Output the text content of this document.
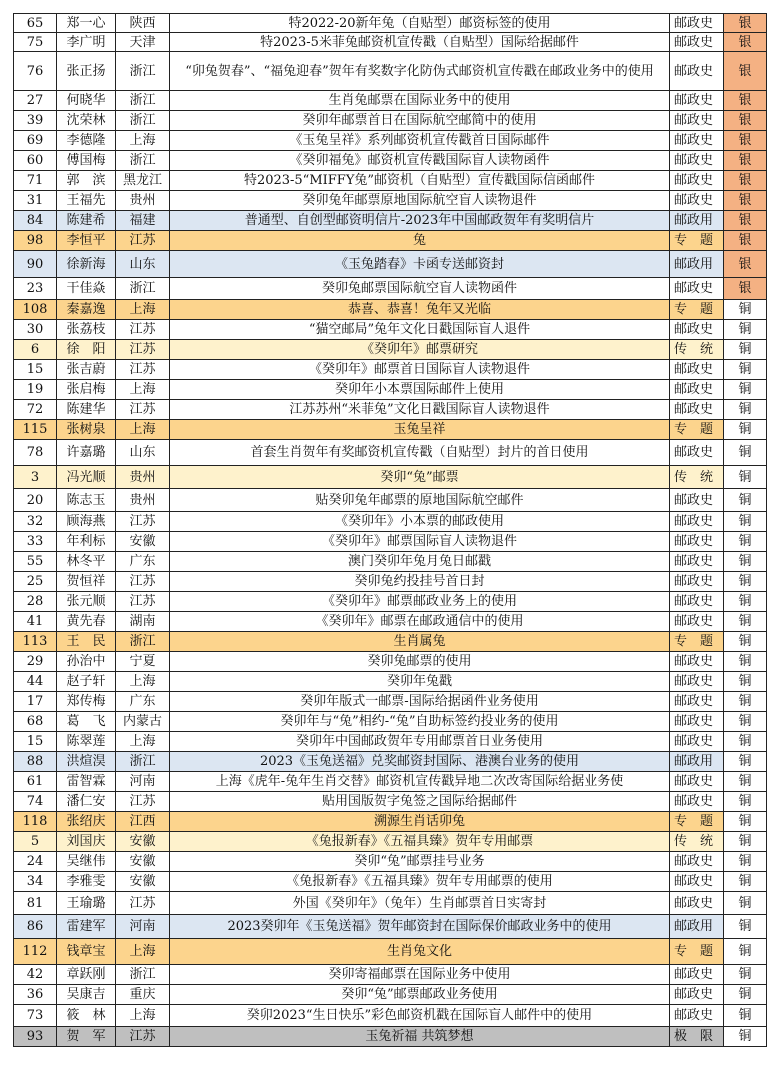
65	郑一心	陕西	特2022-20新年兔（自贴型）邮资标签的使用	邮政史	银
75	李广明	天津	特2023-5米菲兔邮资机宣传戳（自贴型）国际给据邮件	邮政史	银
76	张正扬	浙江	“卯兔贺春”、“福兔迎春”贺年有奖数字化防伪式邮资机宣传戳在邮政业务中的使用	邮政史	银
27	何晓华	浙江	生肖兔邮票在国际业务中的使用	邮政史	银
39	沈荣林	浙江	癸卯年邮票首日在国际航空邮简中的使用	邮政史	银
69	李德隆	上海	《玉兔呈祥》系列邮资机宣传戳首日国际邮件	邮政史	银
60	傅国梅	浙江	《癸卯福兔》邮资机宣传戳国际盲人读物函件	邮政史	银
71	郭　滨	黑龙江	特2023-5“MIFFY兔”邮资机（自贴型）宣传戳国际信函邮件	邮政史	银
31	王福先	贵州	癸卯兔年邮票原地国际航空盲人读物退件	邮政史	银
84	陈建希	福建	普通型、自创型邮资明信片-2023年中国邮政贺年有奖明信片	邮政用	银
98	李恒平	江苏	兔	专　题	银
90	徐新海	山东	《玉兔踏春》卡函专送邮资封	邮政用	银
23	干佳焱	浙江	癸卯兔邮票国际航空盲人读物函件	邮政史	银
108	秦嘉逸	上海	恭喜、恭喜！兔年又光临	专　题	铜
30	张荔枝	江苏	“猫空邮局”兔年文化日戳国际盲人退件	邮政史	铜
6	徐　阳	江苏	《癸卯年》邮票研究	传　统	铜
15	张吉蔚	江苏	《癸卯年》邮票首日国际盲人读物退件	邮政史	铜
19	张启梅	上海	癸卯年小本票国际邮件上使用	邮政史	铜
72	陈建华	江苏	江苏苏州“米菲兔”文化日戳国际盲人读物退件	邮政史	铜
115	张树泉	上海	玉兔呈祥	专　题	铜
78	许嘉璐	山东	首套生肖贺年有奖邮资机宣传戳（自贴型）封片的首日使用	邮政史	铜
3	冯光顺	贵州	癸卯“兔”邮票	传　统	铜
20	陈志玉	贵州	贴癸卯兔年邮票的原地国际航空邮件	邮政史	铜
32	顾海燕	江苏	《癸卯年》小本票的邮政使用	邮政史	铜
33	年利标	安徽	《癸卯年》邮票国际盲人读物退件	邮政史	铜
55	林冬平	广东	澳门癸卯年兔月兔日邮戳	邮政史	铜
25	贺恒祥	江苏	癸卯兔约投挂号首日封	邮政史	铜
28	张元顺	江苏	《癸卯年》邮票邮政业务上的使用	邮政史	铜
41	黄先春	湖南	《癸卯年》邮票在邮政通信中的使用	邮政史	铜
113	王　民	浙江	生肖属兔	专　题	铜
29	孙治中	宁夏	癸卯兔邮票的使用	邮政史	铜
44	赵子轩	上海	癸卯年兔戳	邮政史	铜
17	郑传梅	广东	癸卯年版式一邮票-国际给据函件业务使用	邮政史	铜
68	葛　飞	内蒙古	癸卯年与“兔”相约-“兔”自助标签约投业务的使用	邮政史	铜
15	陈翠莲	上海	癸卯年中国邮政贺年专用邮票首日业务使用	邮政史	铜
88	洪煊淏	浙江	2023《玉兔送福》兑奖邮资封国际、港澳台业务的使用	邮政用	铜
61	雷智霖	河南	上海《虎年-兔年生肖交替》邮资机宣传戳异地二次改寄国际给据业务使	邮政史	铜
74	潘仁安	江苏	贴用国版贺字兔签之国际给据邮件	邮政史	铜
118	张绍庆	江西	溯源生肖话卯兔	专　题	铜
5	刘国庆	安徽	《兔报新春》《五福具臻》贺年专用邮票	传　统	铜
24	吴继伟	安徽	癸卯“兔”邮票挂号业务	邮政史	铜
34	李雅雯	安徽	《兔报新春》《五福具臻》贺年专用邮票的使用	邮政史	铜
81	王瑜璐	江苏	外国《癸卯年》（兔年）生肖邮票首日实寄封	邮政史	铜
86	雷建军	河南	2023癸卯年《玉兔送福》贺年邮资封在国际保价邮政业务中的使用	邮政用	铜
112	钱章宝	上海	生肖兔文化	专　题	铜
42	章跃刚	浙江	癸卯寄福邮票在国际业务中使用	邮政史	铜
36	吴康吉	重庆	癸卯“兔”邮票邮政业务使用	邮政史	铜
73	筱　林	上海	癸卯2023“生日快乐”彩色邮资机戳在国际盲人邮件中的使用	邮政史	铜
93	贺　军	江苏	玉兔祈福 共筑梦想	极　限	铜
